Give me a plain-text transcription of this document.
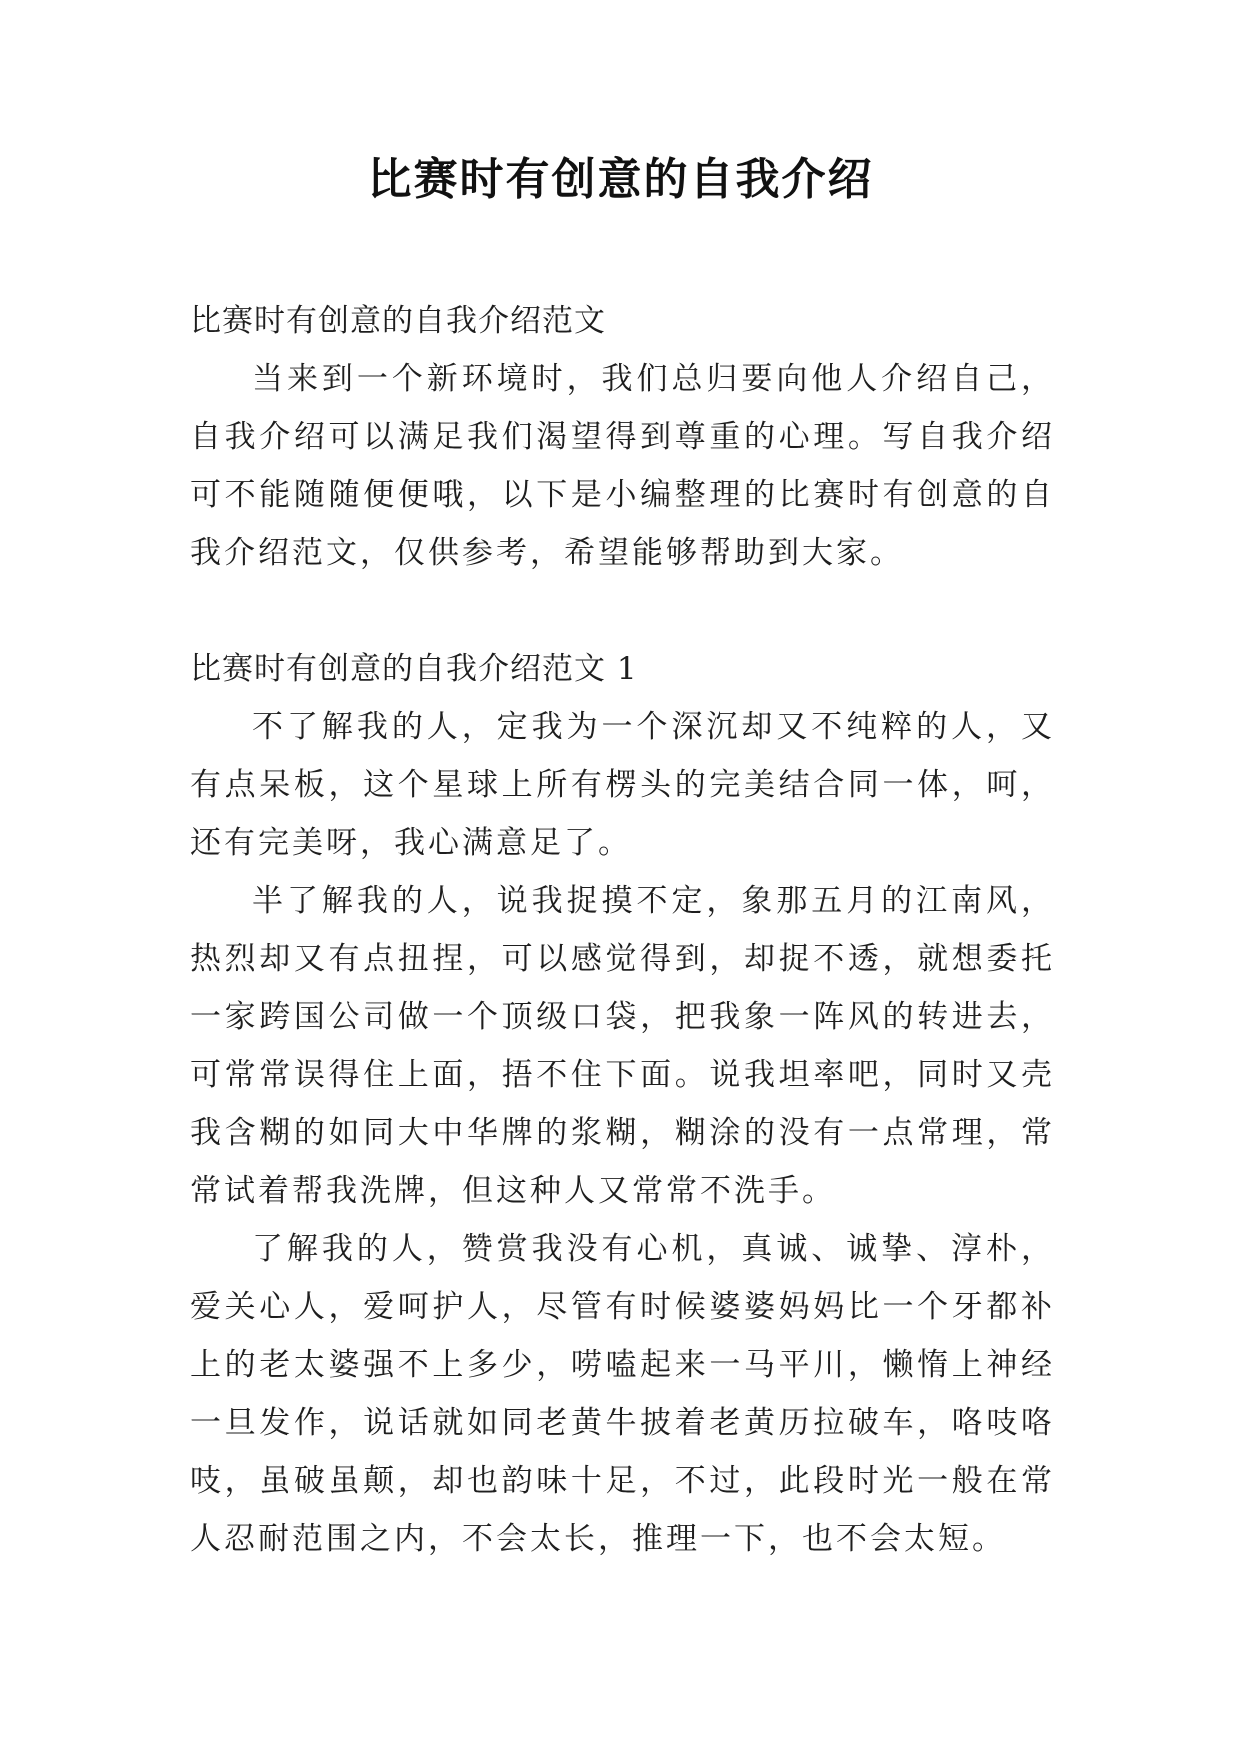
比赛时有创意的自我介绍

比赛时有创意的自我介绍范文

当来到一个新环境时，我们总归要向他人介绍自己，自我介绍可以满足我们渴望得到尊重的心理。写自我介绍可不能随随便便哦，以下是小编整理的比赛时有创意的自我介绍范文，仅供参考，希望能够帮助到大家。

比赛时有创意的自我介绍范文 1

不了解我的人，定我为一个深沉却又不纯粹的人，又有点呆板，这个星球上所有楞头的完美结合同一体，呵，还有完美呀，我心满意足了。

半了解我的人，说我捉摸不定，象那五月的江南风，热烈却又有点扭捏，可以感觉得到，却捉不透，就想委托一家跨国公司做一个顶级口袋，把我象一阵风的转进去，可常常误得住上面，捂不住下面。说我坦率吧，同时又壳我含糊的如同大中华牌的浆糊，糊涂的没有一点常理，常常试着帮我洗牌，但这种人又常常不洗手。

了解我的人，赞赏我没有心机，真诚、诚挚、淳朴，爱关心人，爱呵护人，尽管有时候婆婆妈妈比一个牙都补上的老太婆强不上多少，唠嗑起来一马平川，懒惰上神经一旦发作，说话就如同老黄牛披着老黄历拉破车，咯吱咯吱，虽破虽颠，却也韵味十足，不过，此段时光一般在常人忍耐范围之内，不会太长，推理一下，也不会太短。
